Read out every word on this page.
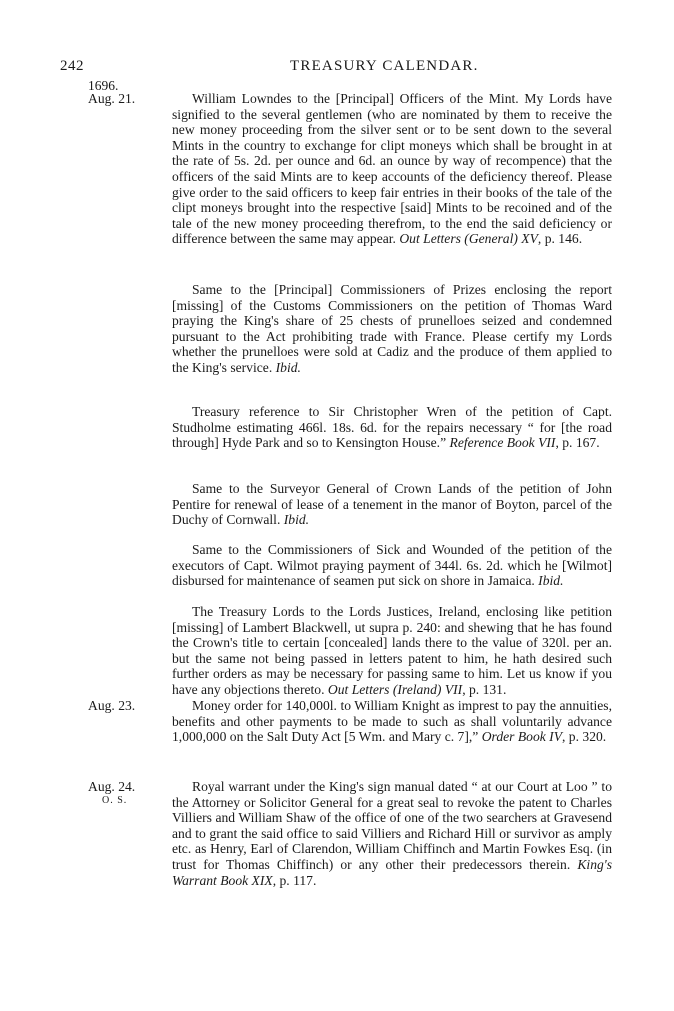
242	TREASURY CALENDAR.
1696.
Aug. 21.
Aug. 23.
Aug. 24.
O. S.

William Lowndes to the [Principal] Officers of the Mint. My Lords have signified to the several gentlemen (who are nominated by them to receive the new money proceeding from the silver sent or to be sent down to the several Mints in the country to exchange for clipt moneys which shall be brought in at the rate of 5s. 2d. per ounce and 6d. an ounce by way of recompence) that the officers of the said Mints are to keep accounts of the deficiency thereof. Please give order to the said officers to keep fair entries in their books of the tale of the clipt moneys brought into the respective [said] Mints to be recoined and of the tale of the new money proceeding therefrom, to the end the said deficiency or difference between the same may appear. Out Letters (General) XV, p. 146.

Same to the [Principal] Commissioners of Prizes enclosing the report [missing] of the Customs Commissioners on the petition of Thomas Ward praying the King's share of 25 chests of prunelloes seized and condemned pursuant to the Act prohibiting trade with France. Please certify my Lords whether the prunelloes were sold at Cadiz and the produce of them applied to the King's service. Ibid.

Treasury reference to Sir Christopher Wren of the petition of Capt. Studholme estimating 466l. 18s. 6d. for the repairs necessary “ for [the road through] Hyde Park and so to Kensington House.” Reference Book VII, p. 167.

Same to the Surveyor General of Crown Lands of the petition of John Pentire for renewal of lease of a tenement in the manor of Boyton, parcel of the Duchy of Cornwall. Ibid.

Same to the Commissioners of Sick and Wounded of the petition of the executors of Capt. Wilmot praying payment of 344l. 6s. 2d. which he [Wilmot] disbursed for maintenance of seamen put sick on shore in Jamaica. Ibid.

The Treasury Lords to the Lords Justices, Ireland, enclosing like petition [missing] of Lambert Blackwell, ut supra p. 240: and shewing that he has found the Crown's title to certain [concealed] lands there to the value of 320l. per an. but the same not being passed in letters patent to him, he hath desired such further orders as may be necessary for passing same to him. Let us know if you have any objections thereto. Out Letters (Ireland) VII, p. 131.

Money order for 140,000l. to William Knight as imprest to pay the annuities, benefits and other payments to be made to such as shall voluntarily advance 1,000,000 on the Salt Duty Act [5 Wm. and Mary c. 7],” Order Book IV, p. 320.

Royal warrant under the King's sign manual dated “ at our Court at Loo ” to the Attorney or Solicitor General for a great seal to revoke the patent to Charles Villiers and William Shaw of the office of one of the two searchers at Gravesend and to grant the said office to said Villiers and Richard Hill or survivor as amply etc. as Henry, Earl of Clarendon, William Chiffinch and Martin Fowkes Esq. (in trust for Thomas Chiffinch) or any other their predecessors therein. King's Warrant Book XIX, p. 117.
